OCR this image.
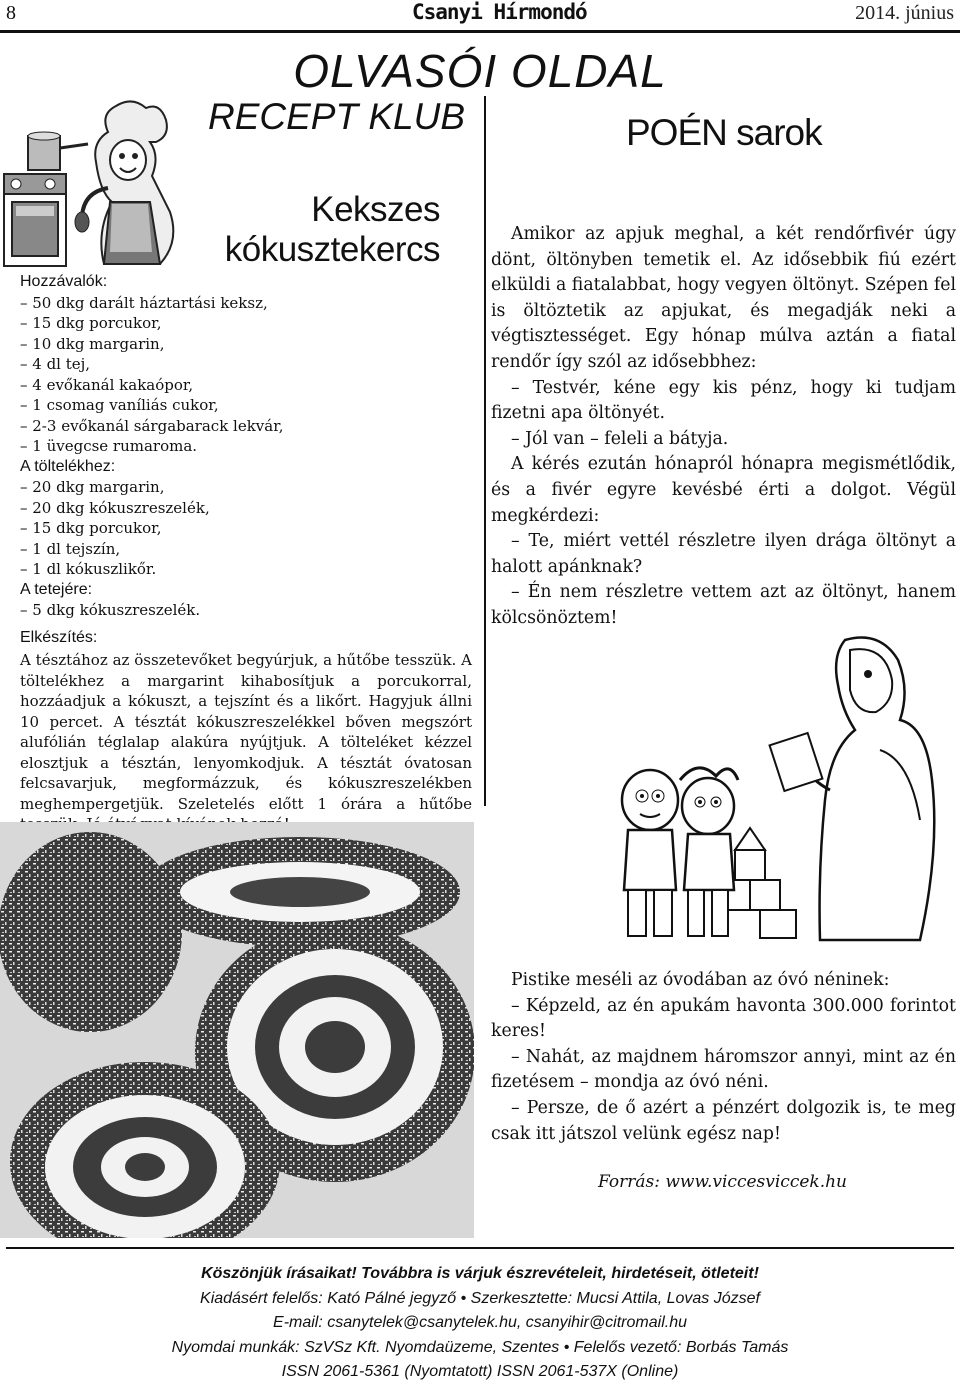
8	Csanyi Hírmondó	2014. június
OLVASÓI OLDAL
RECEPT KLUB	POÉN sarok
Kekszes
kókusztekercs
Hozzávalók:
– 50 dkg darált háztartási keksz,
– 15 dkg porcukor,
– 10 dkg margarin,
– 4 dl tej,
– 4 evőkanál kakaópor,
– 1 csomag vaníliás cukor,
– 2-3 evőkanál sárgabarack lekvár,
– 1 üvegcse rumaroma.
A töltelékhez:
– 20 dkg margarin,
– 20 dkg kókuszreszelék,
– 15 dkg porcukor,
– 1 dl tejszín,
– 1 dl kókuszlikőr.
A tetejére:
– 5 dkg kókuszreszelék.
Elkészítés:
A tésztához az összetevőket begyúrjuk, a hűtőbe tesszük. A töltelékhez a margarint kihabosítjuk a porcukorral, hozzáadjuk a kókuszt, a tejszínt és a likőrt. Hagyjuk állni 10 percet. A tésztát kókuszreszelékkel bőven megszórt alufólián téglalap alakúra nyújtjuk. A tölteléket kézzel elosztjuk a tésztán, lenyomkodjuk. A tésztát óvatosan felcsavarjuk, megformázzuk, és kókuszreszelékben meghempergetjük. Szeletelés előtt 1 órára a hűtőbe

Amikor az apjuk meghal, a két rendőrfivér úgy dönt, öltönyben temetik el. Az idősebbik fiú ezért elküldi a fiatalabbat, hogy vegyen öltönyt. Szépen fel is öltöztetik az apjukat, és megadják neki a végtisztességet. Egy hónap múlva aztán a fiatal rendőr így szól az idősebbhez:

– Testvér, kéne egy kis pénz, hogy ki tudjam fizetni apa öltönyét.

– Jól van – feleli a bátyja.

A kérés ezután hónapról hónapra megismétlődik, és a fivér egyre kevésbé érti a dolgot. Végül megkérdezi:

– Te, miért vettél részletre ilyen drága öltönyt a halott apánknak?

– Én nem részletre vettem azt az öltönyt, hanem kölcsönöztem!

Pistike meséli az óvodában az óvó néninek:

– Képzeld, az én apukám havonta 300.000 forintot keres!

– Nahát, az majdnem háromszor annyi, mint az én fizetésem – mondja az óvó néni.

– Persze, de ő azért a pénzért dolgozik is, te meg csak itt játszol velünk egész nap!

Forrás: www.viccesviccek.hu
Köszönjük írásaikat! Továbbra is várjuk észrevételeit, hirdetéseit, ötleteit!
Kiadásért felelős: Kató Pálné jegyző • Szerkesztette: Mucsi Attila, Lovas József
E-mail: csanytelek@csanytelek.hu, csanyihir@citromail.hu
Nyomdai munkák: SzVSz Kft. Nyomdaüzeme, Szentes • Felelős vezető: Borbás Tamás
ISSN 2061-5361 (Nyomtatott) ISSN 2061-537X (Online)
